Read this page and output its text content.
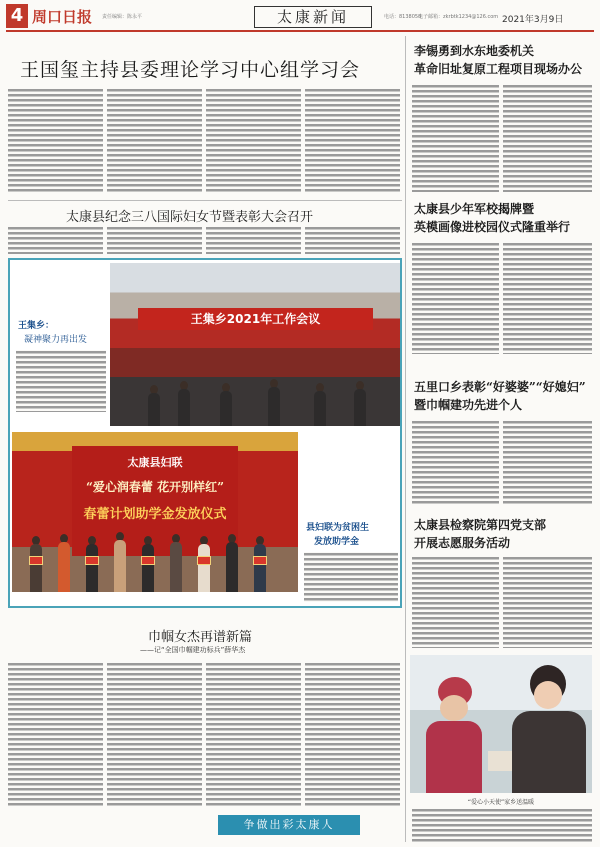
4 周口日报 责任编辑：陈永平	太康新闻	电话：8138058
电子邮箱：zkrbtk1234@126.com 2021年3月9日
王国玺主持县委理论学习中心组学习会
太康县纪念三八国际妇女节暨表彰大会召开
王集乡：
凝神聚力再出发
王集乡2021年工作会议
太康县妇联
“爱心润春蕾 花开别样红”
春蕾计划助学金发放仪式
县妇联为贫困生
发放助学金
巾帼女杰再谱新篇
——记“全国巾帼建功标兵”薛华杰
李锡勇到水东地委机关
革命旧址复原工程项目现场办公
太康县少年军校揭牌暨
英模画像进校园仪式隆重举行
五里口乡表彰“好婆婆”“好媳妇”
暨巾帼建功先进个人
太康县检察院第四党支部
开展志愿服务活动
“爱心小天使”家乡送温暖
争做出彩太康人
